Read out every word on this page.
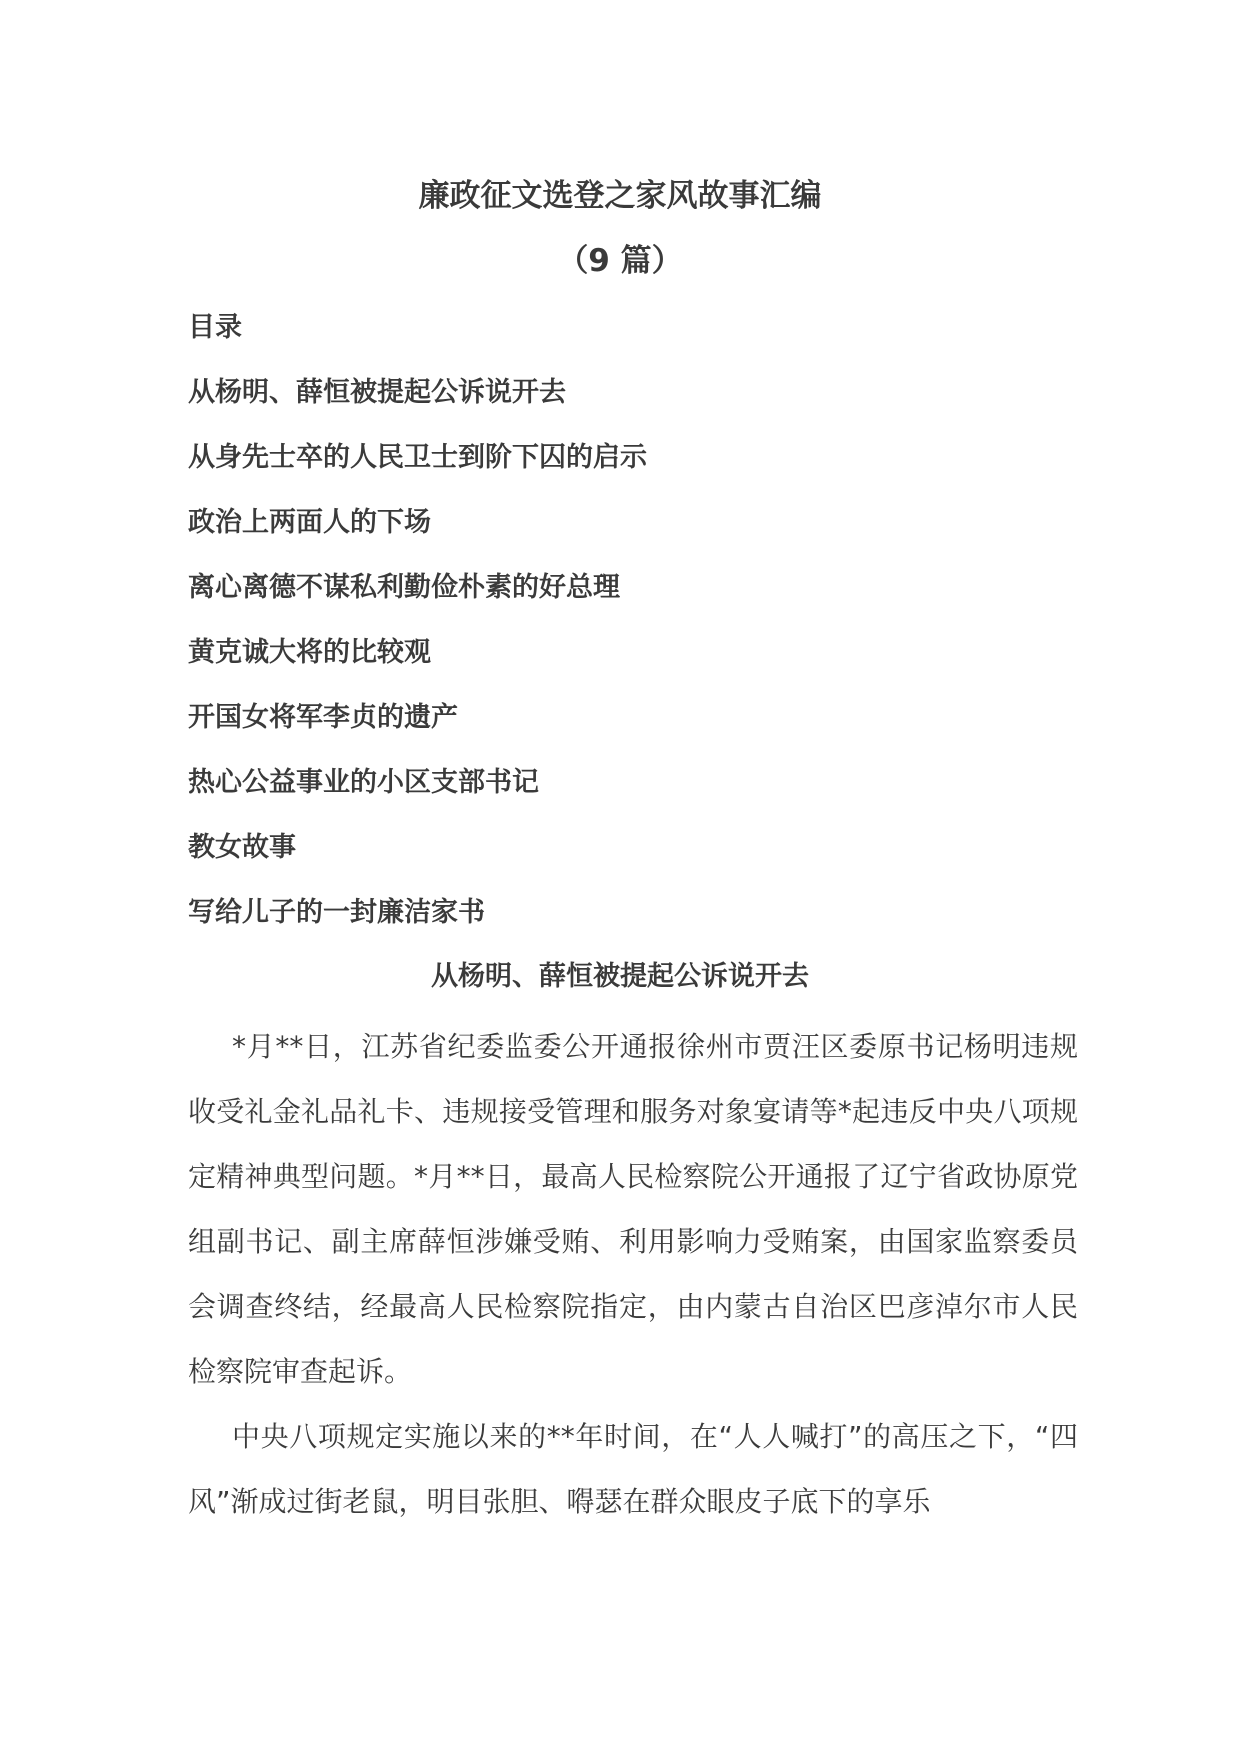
廉政征文选登之家风故事汇编
（9 篇）
目录
从杨明、薛恒被提起公诉说开去
从身先士卒的人民卫士到阶下囚的启示
政治上两面人的下场
离心离德不谋私利勤俭朴素的好总理
黄克诚大将的比较观
开国女将军李贞的遗产
热心公益事业的小区支部书记
教女故事
写给儿子的一封廉洁家书
从杨明、薛恒被提起公诉说开去

*月**日，江苏省纪委监委公开通报徐州市贾汪区委原书记杨明违规收受礼金礼品礼卡、违规接受管理和服务对象宴请等*起违反中央八项规定精神典型问题。*月**日，最高人民检察院公开通报了辽宁省政协原党组副书记、副主席薛恒涉嫌受贿、利用影响力受贿案，由国家监察委员会调查终结，经最高人民检察院指定，由内蒙古自治区巴彦淖尔市人民检察院审查起诉。

中央八项规定实施以来的**年时间，在“人人喊打”的高压之下，“四风”渐成过街老鼠，明目张胆、嘚瑟在群众眼皮子底下的享乐
